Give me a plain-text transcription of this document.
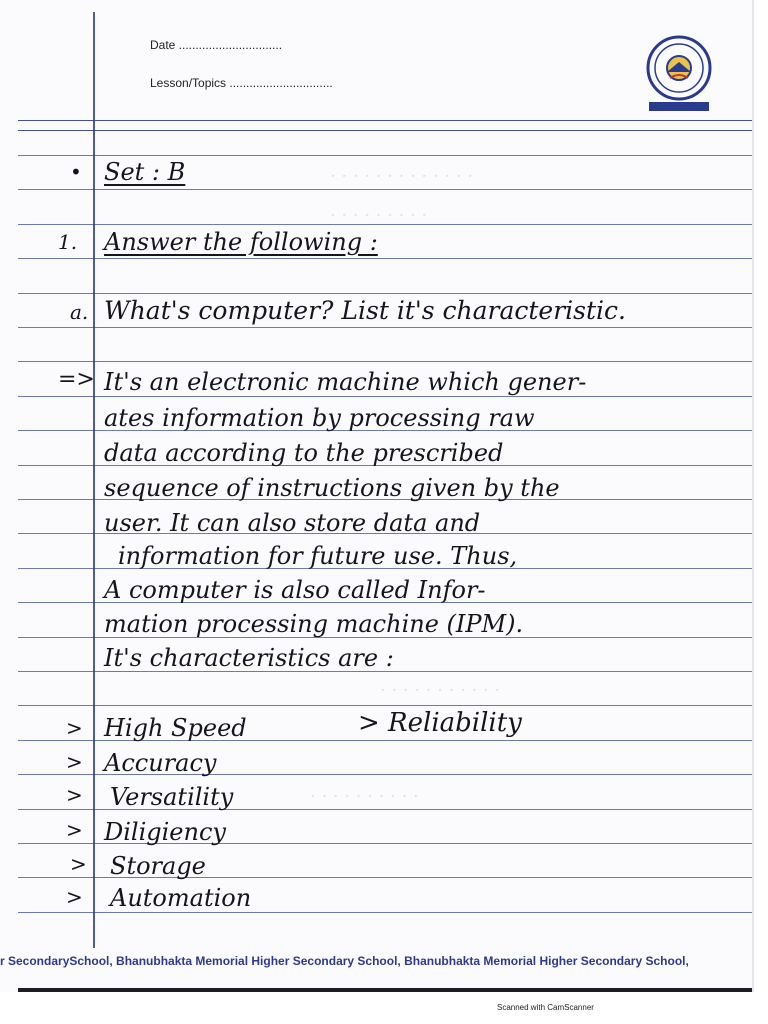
Date ...............................
Lesson/Topics ...............................
· · · · · · · · · · · · ·
· · · · · · · · ·
· · · · · · · · · · ·
· · · · · · · · · ·
• Set : B
1. Answer the following :
a. What's computer? List it's characteristic.
=> It's an electronic machine which gener-
ates information by processing raw
data according to the prescribed
sequence of instructions given by the
user. It can also store data and
information for future use. Thus,
A computer is also called Infor-
mation processing machine (IPM).
It's characteristics are :
> High Speed	> Reliability
> Accuracy
> Versatility
> Diligiency
> Storage
> Automation
r SecondarySchool, Bhanubhakta Memorial Higher Secondary School, Bhanubhakta Memorial Higher Secondary School,
Scanned with CamScanner
